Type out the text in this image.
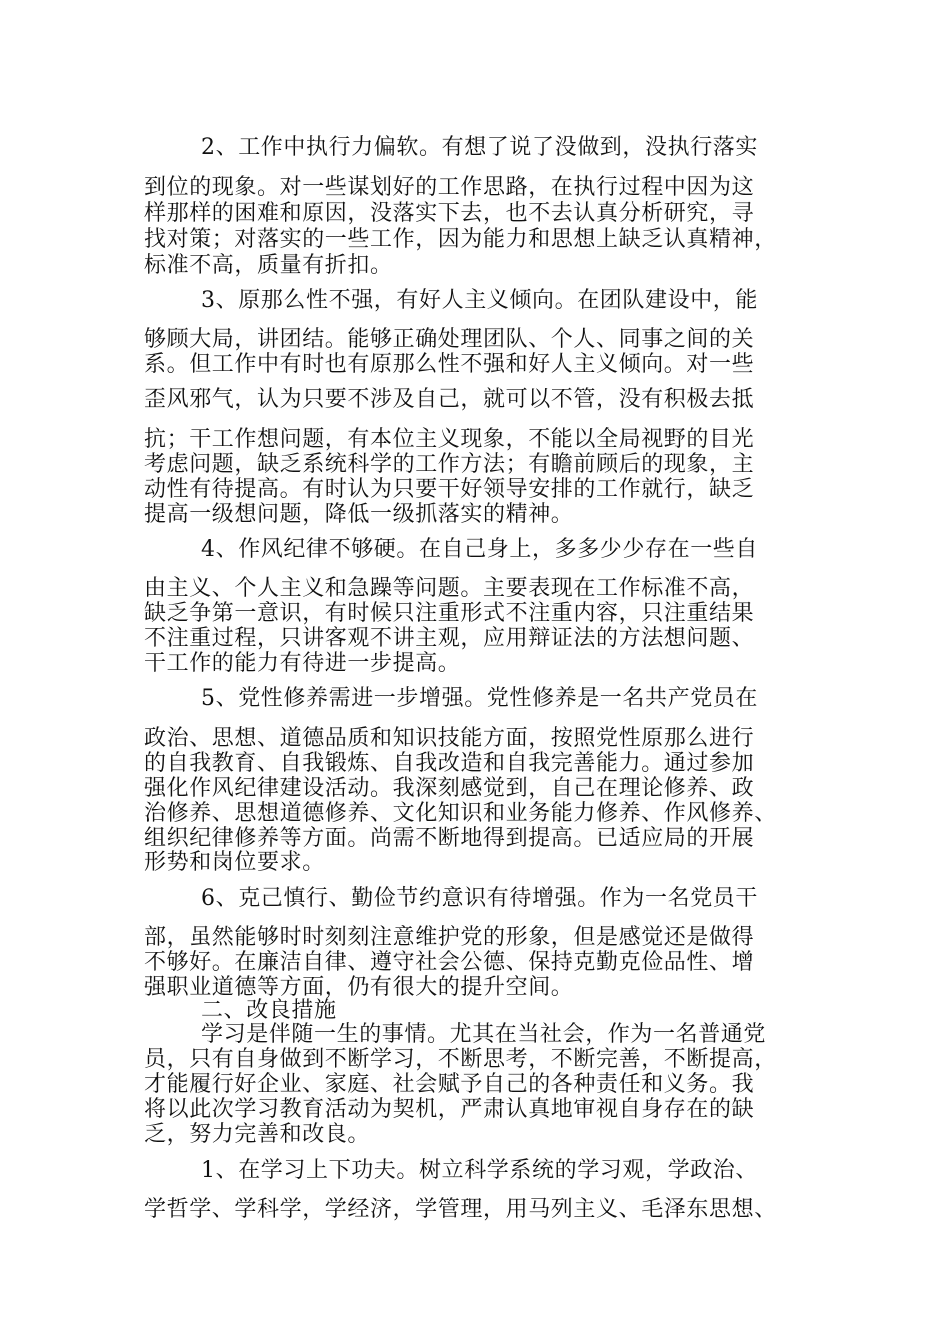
2、工作中执行力偏软。有想了说了没做到，没执行落实

到位的现象。对一些谋划好的工作思路，在执行过程中因为这

样那样的困难和原因，没落实下去，也不去认真分析研究，寻

找对策；对落实的一些工作，因为能力和思想上缺乏认真精神，

标准不高，质量有折扣。

3、原那么性不强，有好人主义倾向。在团队建设中，能

够顾大局，讲团结。能够正确处理团队、个人、同事之间的关

系。但工作中有时也有原那么性不强和好人主义倾向。对一些

歪风邪气，认为只要不涉及自己，就可以不管，没有积极去抵

抗；干工作想问题，有本位主义现象，不能以全局视野的目光

考虑问题，缺乏系统科学的工作方法；有瞻前顾后的现象，主

动性有待提高。有时认为只要干好领导安排的工作就行，缺乏

提高一级想问题，降低一级抓落实的精神。

4、作风纪律不够硬。在自己身上，多多少少存在一些自

由主义、个人主义和急躁等问题。主要表现在工作标准不高，

缺乏争第一意识，有时候只注重形式不注重内容，只注重结果

不注重过程，只讲客观不讲主观，应用辩证法的方法想问题、

干工作的能力有待进一步提高。

5、党性修养需进一步增强。党性修养是一名共产党员在

政治、思想、道德品质和知识技能方面，按照党性原那么进行

的自我教育、自我锻炼、自我改造和自我完善能力。通过参加

强化作风纪律建设活动。我深刻感觉到，自己在理论修养、政

治修养、思想道德修养、文化知识和业务能力修养、作风修养、

组织纪律修养等方面。尚需不断地得到提高。已适应局的开展

形势和岗位要求。

6、克己慎行、勤俭节约意识有待增强。作为一名党员干

部，虽然能够时时刻刻注意维护党的形象，但是感觉还是做得

不够好。在廉洁自律、遵守社会公德、保持克勤克俭品性、增

强职业道德等方面，仍有很大的提升空间。

二、改良措施

学习是伴随一生的事情。尤其在当社会，作为一名普通党

员，只有自身做到不断学习，不断思考，不断完善，不断提高，

才能履行好企业、家庭、社会赋予自己的各种责任和义务。我

将以此次学习教育活动为契机，严肃认真地审视自身存在的缺

乏，努力完善和改良。

1、在学习上下功夫。树立科学系统的学习观，学政治、

学哲学、学科学，学经济，学管理，用马列主义、毛泽东思想、
